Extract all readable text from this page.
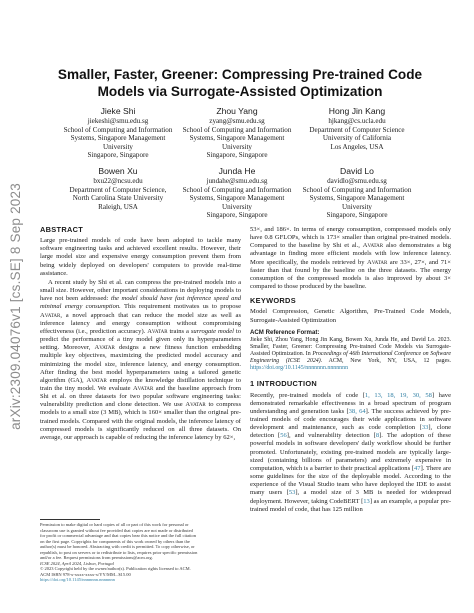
arXiv:2309.04076v1 [cs.SE] 8 Sep 2023
Smaller, Faster, Greener: Compressing Pre-trained Code Models via Surrogate-Assisted Optimization
Jieke Shi
jiekeshi@smu.edu.sg
School of Computing and Information
Systems, Singapore Management
University
Singapore, Singapore
Zhou Yang
zyang@smu.edu.sg
School of Computing and Information
Systems, Singapore Management
University
Singapore, Singapore
Hong Jin Kang
hjkang@cs.ucla.edu
Department of Computer Science
University of California
Los Angeles, USA
Bowen Xu
bxu22@ncsu.edu
Department of Computer Science,
North Carolina State University
Raleigh, USA
Junda He
jundahe@smu.edu.sg
School of Computing and Information
Systems, Singapore Management
University
Singapore, Singapore
David Lo
davidlo@smu.edu.sg
School of Computing and Information
Systems, Singapore Management
University
Singapore, Singapore
ABSTRACT

Large pre-trained models of code have been adopted to tackle many software engineering tasks and achieved excellent results. However, their large model size and expensive energy consumption prevent them from being widely deployed on developers' computers to provide real-time assistance.

A recent study by Shi et al. can compress the pre-trained models into a small size. However, other important considerations in deploying models to have not been addressed: the model should have fast inference speed and minimal energy consumption. This requirement motivates us to propose Avatar, a novel approach that can reduce the model size as well as inference latency and energy consumption without compromising effectiveness (i.e., prediction accuracy). Avatar trains a surrogate model to predict the performance of a tiny model given only its hyperparameters setting. Moreover, Avatar designs a new fitness function embedding multiple key objectives, maximizing the predicted model accuracy and minimizing the model size, inference latency, and energy consumption. After finding the best model hyperparameters using a tailored genetic algorithm (GA), Avatar employs the knowledge distillation technique to train the tiny model. We evaluate Avatar and the baseline approach from Shi et al. on three datasets for two popular software engineering tasks: vulnerability prediction and clone detection. We use Avatar to compress models to a small size (3 MB), which is 160× smaller than the original pre-trained models. Compared with the original models, the inference latency of compressed models is significantly reduced on all three datasets. On average, our approach is capable of reducing the inference latency by 62×,

Permission to make digital or hard copies of all or part of this work for personal or
classroom use is granted without fee provided that copies are not made or distributed
for profit or commercial advantage and that copies bear this notice and the full citation
on the first page. Copyrights for components of this work owned by others than the
author(s) must be honored. Abstracting with credit is permitted. To copy otherwise, or
republish, to post on servers or to redistribute to lists, requires prior specific permission
and/or a fee. Request permissions from permissions@acm.org.
ICSE 2024, April 2024, Lisbon, Portugal
© 2023 Copyright held by the owner/author(s). Publication rights licensed to ACM.
ACM ISBN 978-x-xxxx-xxxx-x/YY/MM...$15.00
https://doi.org/10.1145/nnnnnnn.nnnnnnn

53×, and 186×. In terms of energy consumption, compressed models only have 0.8 GFLOPs, which is 173× smaller than original pre-trained models. Compared to the baseline by Shi et al., Avatar also demonstrates a big advantage in finding more efficient models with low inference latency. More specifically, the models retrieved by Avatar are 33×, 27×, and 71× faster than that found by the baseline on the three datasets. The energy consumption of the compressed models is also improved by about 3× compared to those produced by the baseline.

KEYWORDS

Model Compression, Genetic Algorithm, Pre-Trained Code Models, Surrogate-Assisted Optimization

ACM Reference Format:

Jieke Shi, Zhou Yang, Hong Jin Kang, Bowen Xu, Junda He, and David Lo. 2023. Smaller, Faster, Greener: Compressing Pre-trained Code Models via Surrogate-Assisted Optimization. In Proceedings of 46th International Conference on Software Engineering (ICSE 2024). ACM, New York, NY, USA, 12 pages. https://doi.org/10.1145/nnnnnnn.nnnnnnn

1 INTRODUCTION

Recently, pre-trained models of code [1, 13, 18, 19, 30, 58] have demonstrated remarkable effectiveness in a broad spectrum of program understanding and generation tasks [38, 64]. The success achieved by pre-trained models of code encourages their wide applications in software development and maintenance, such as code completion [33], clone detection [56], and vulnerability detection [8]. The adoption of these powerful models in software developers' daily workflow should be further promoted. Unfortunately, existing pre-trained models are typically large-sized (containing billions of parameters) and extremely expensive in computation, which is a barrier to their practical applications [47]. There are some guidelines for the size of the deployable model. According to the experience of the Visual Studio team who have deployed the IDE to assist many users [53], a model size of 3 MB is needed for widespread deployment. However, taking CodeBERT [13] as an example, a popular pre-trained model of code, that has 125 million
